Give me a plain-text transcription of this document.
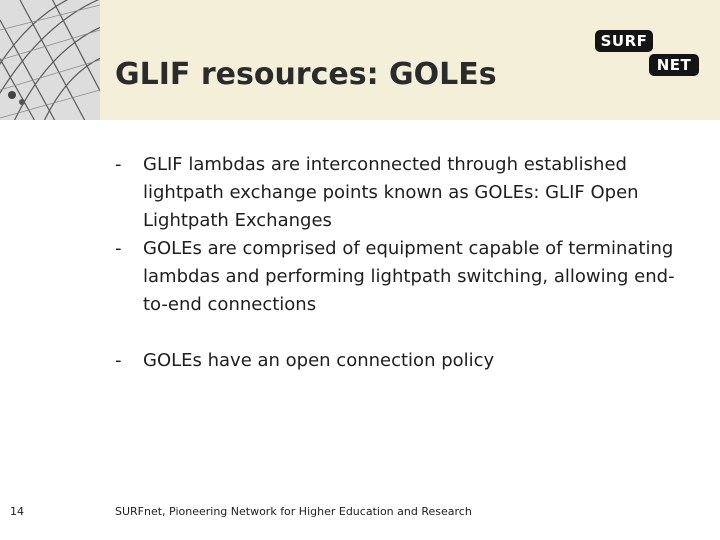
GLIF resources: GOLEs
SURF
NET
- GLIF lambdas are interconnected through established lightpath exchange points known as GOLEs: GLIF Open Lightpath Exchanges
- GOLEs are comprised of equipment capable of terminating lambdas and performing lightpath switching, allowing end-to-end connections
- GOLEs have an open connection policy
14	SURFnet, Pioneering Network for Higher Education and Research
